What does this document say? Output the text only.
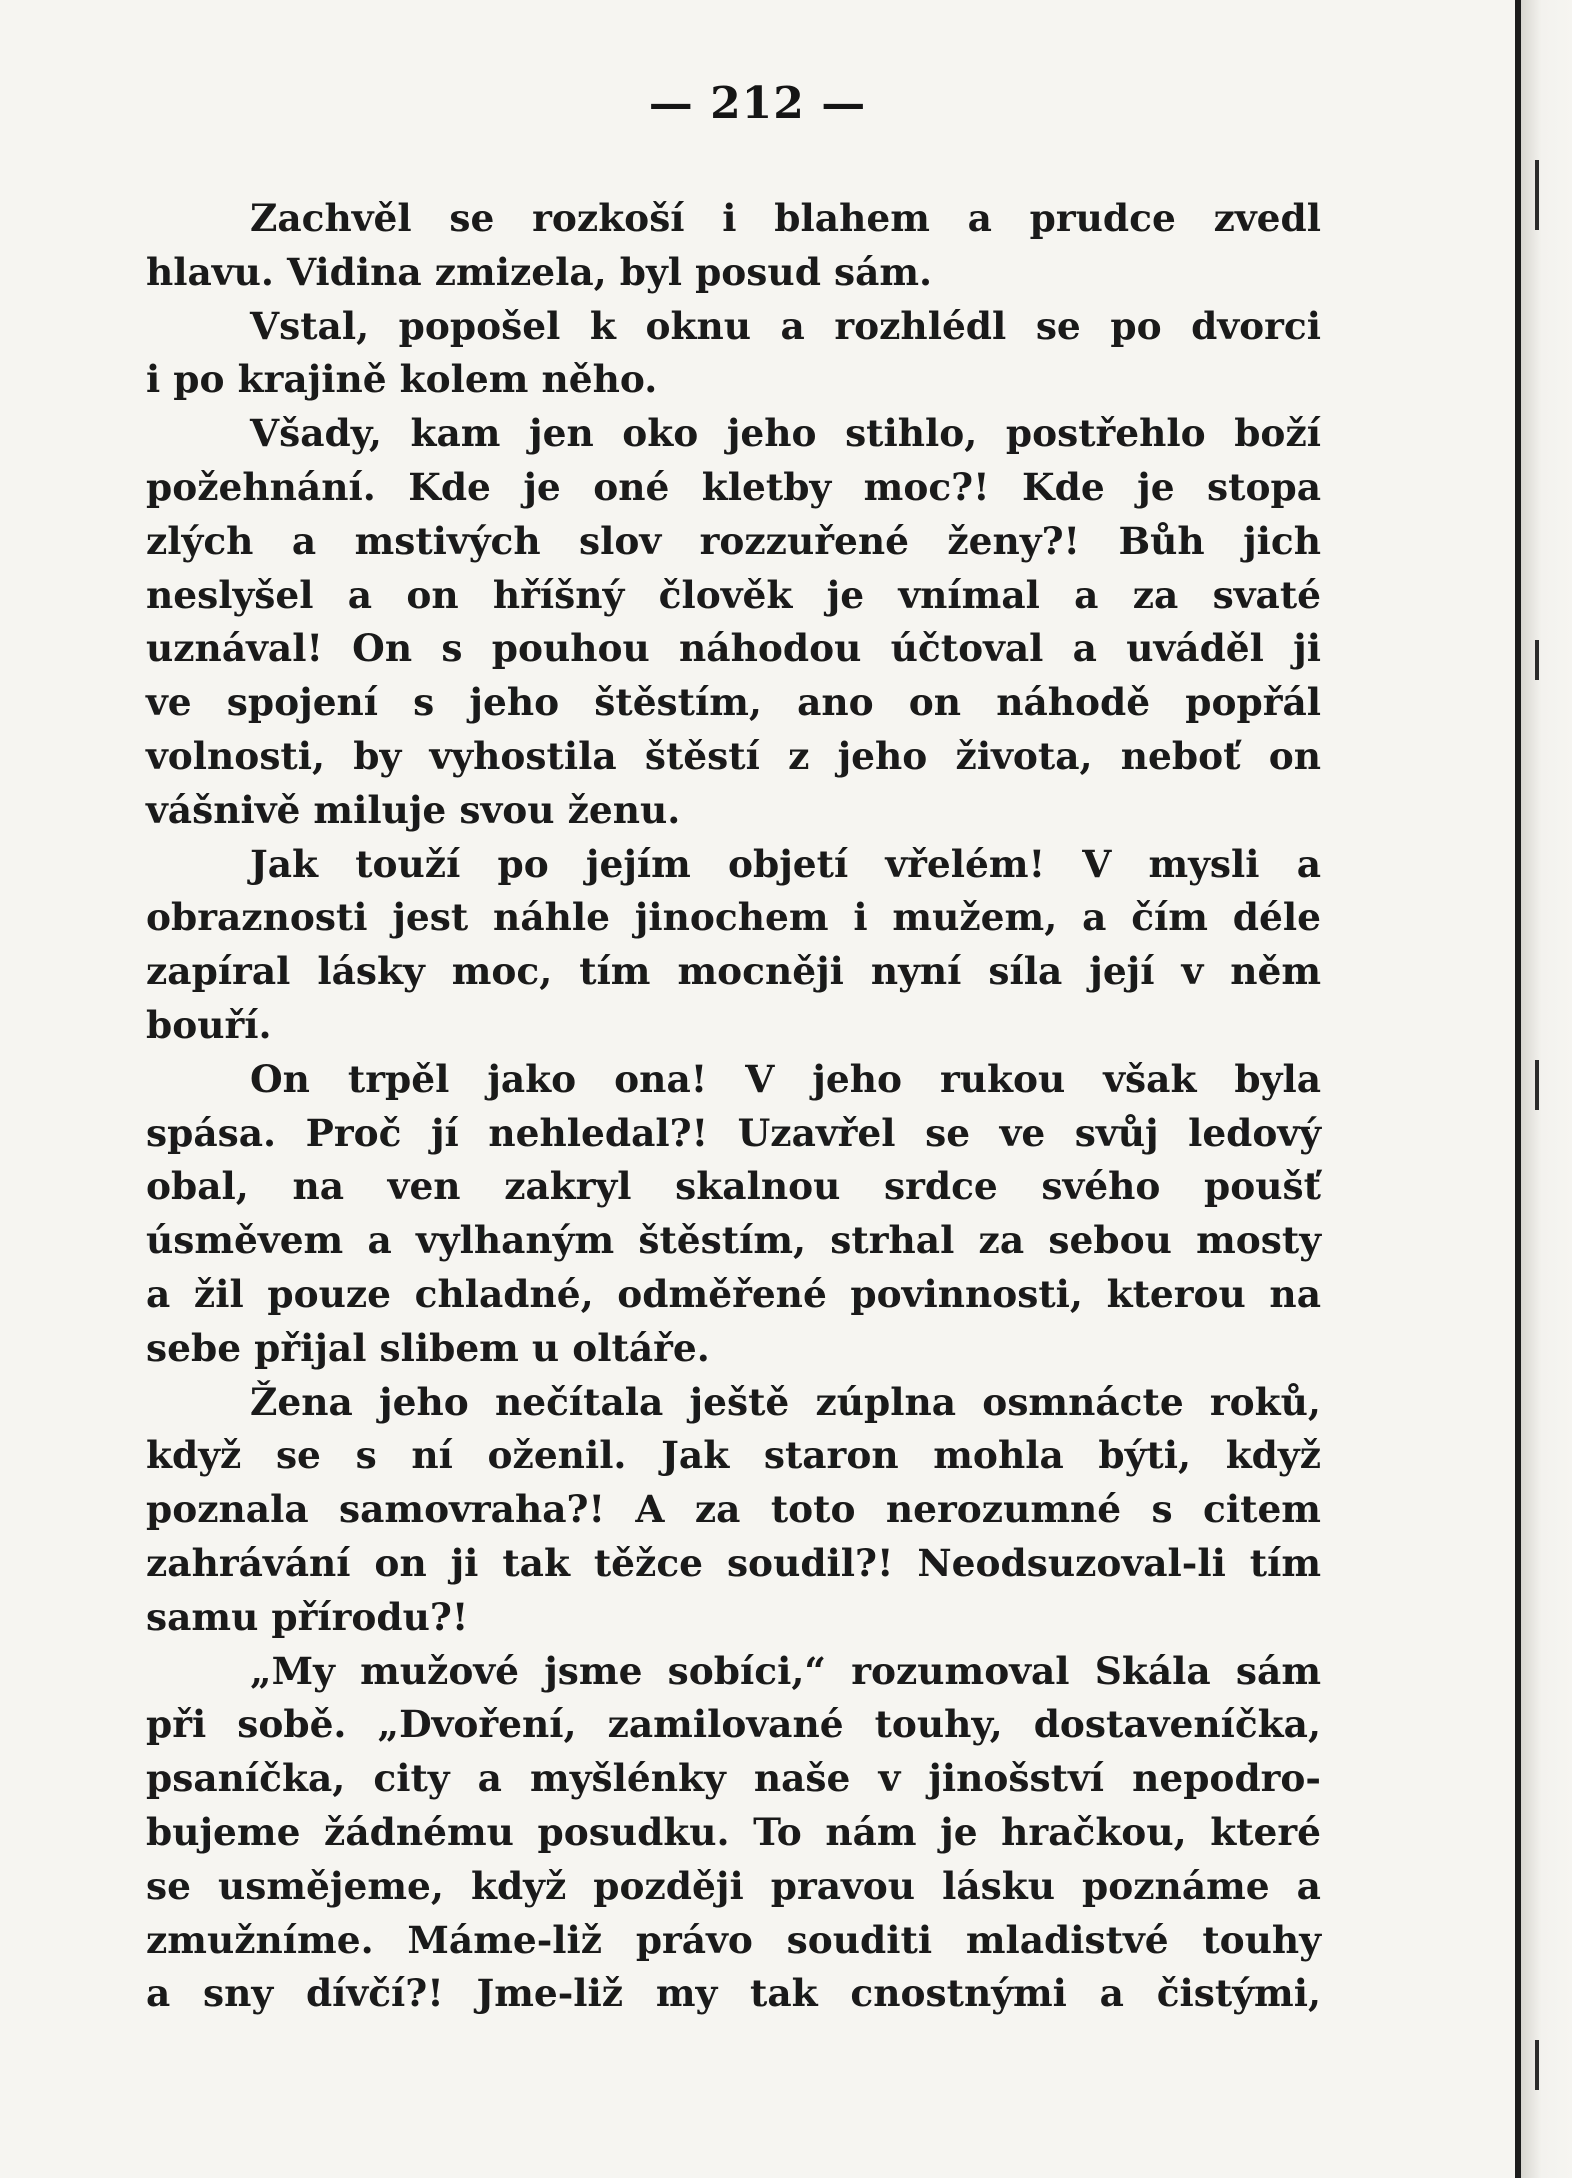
— 212 —
Zachvěl se rozkoší i blahem a prudce zvedl
hlavu. Vidina zmizela, byl posud sám.
Vstal, popošel k oknu a rozhlédl se po dvorci
i po krajině kolem něho.
Všady, kam jen oko jeho stihlo, postřehlo boží
požehnání. Kde je oné kletby moc?! Kde je stopa
zlých a mstivých slov rozzuřené ženy?! Bůh jich
neslyšel a on hříšný člověk je vnímal a za svaté
uznával! On s pouhou náhodou účtoval a uváděl ji
ve spojení s jeho štěstím, ano on náhodě popřál
volnosti, by vyhostila štěstí z jeho života, neboť on
vášnivě miluje svou ženu.
Jak touží po jejím objetí vřelém! V mysli a
obraznosti jest náhle jinochem i mužem, a čím déle
zapíral lásky moc, tím mocněji nyní síla její v něm
bouří.
On trpěl jako ona! V jeho rukou však byla
spása. Proč jí nehledal?! Uzavřel se ve svůj ledový
obal, na ven zakryl skalnou srdce svého poušť
úsměvem a vylhaným štěstím, strhal za sebou mosty
a žil pouze chladné, odměřené povinnosti, kterou na
sebe přijal slibem u oltáře.
Žena jeho nečítala ještě zúplna osmnácte roků,
když se s ní oženil. Jak staron mohla býti, když
poznala samovraha?! A za toto nerozumné s citem
zahrávání on ji tak těžce soudil?! Neodsuzoval-li tím
samu přírodu?!
„My mužové jsme sobíci,“ rozumoval Skála sám
při sobě. „Dvoření, zamilované touhy, dostaveníčka,
psaníčka, city a myšlénky naše v jinošství nepodro-
bujeme žádnému posudku. To nám je hračkou, které
se usmějeme, když později pravou lásku poznáme a
zmužníme. Máme-liž právo souditi mladistvé touhy
a sny dívčí?! Jme-liž my tak cnostnými a čistými,
